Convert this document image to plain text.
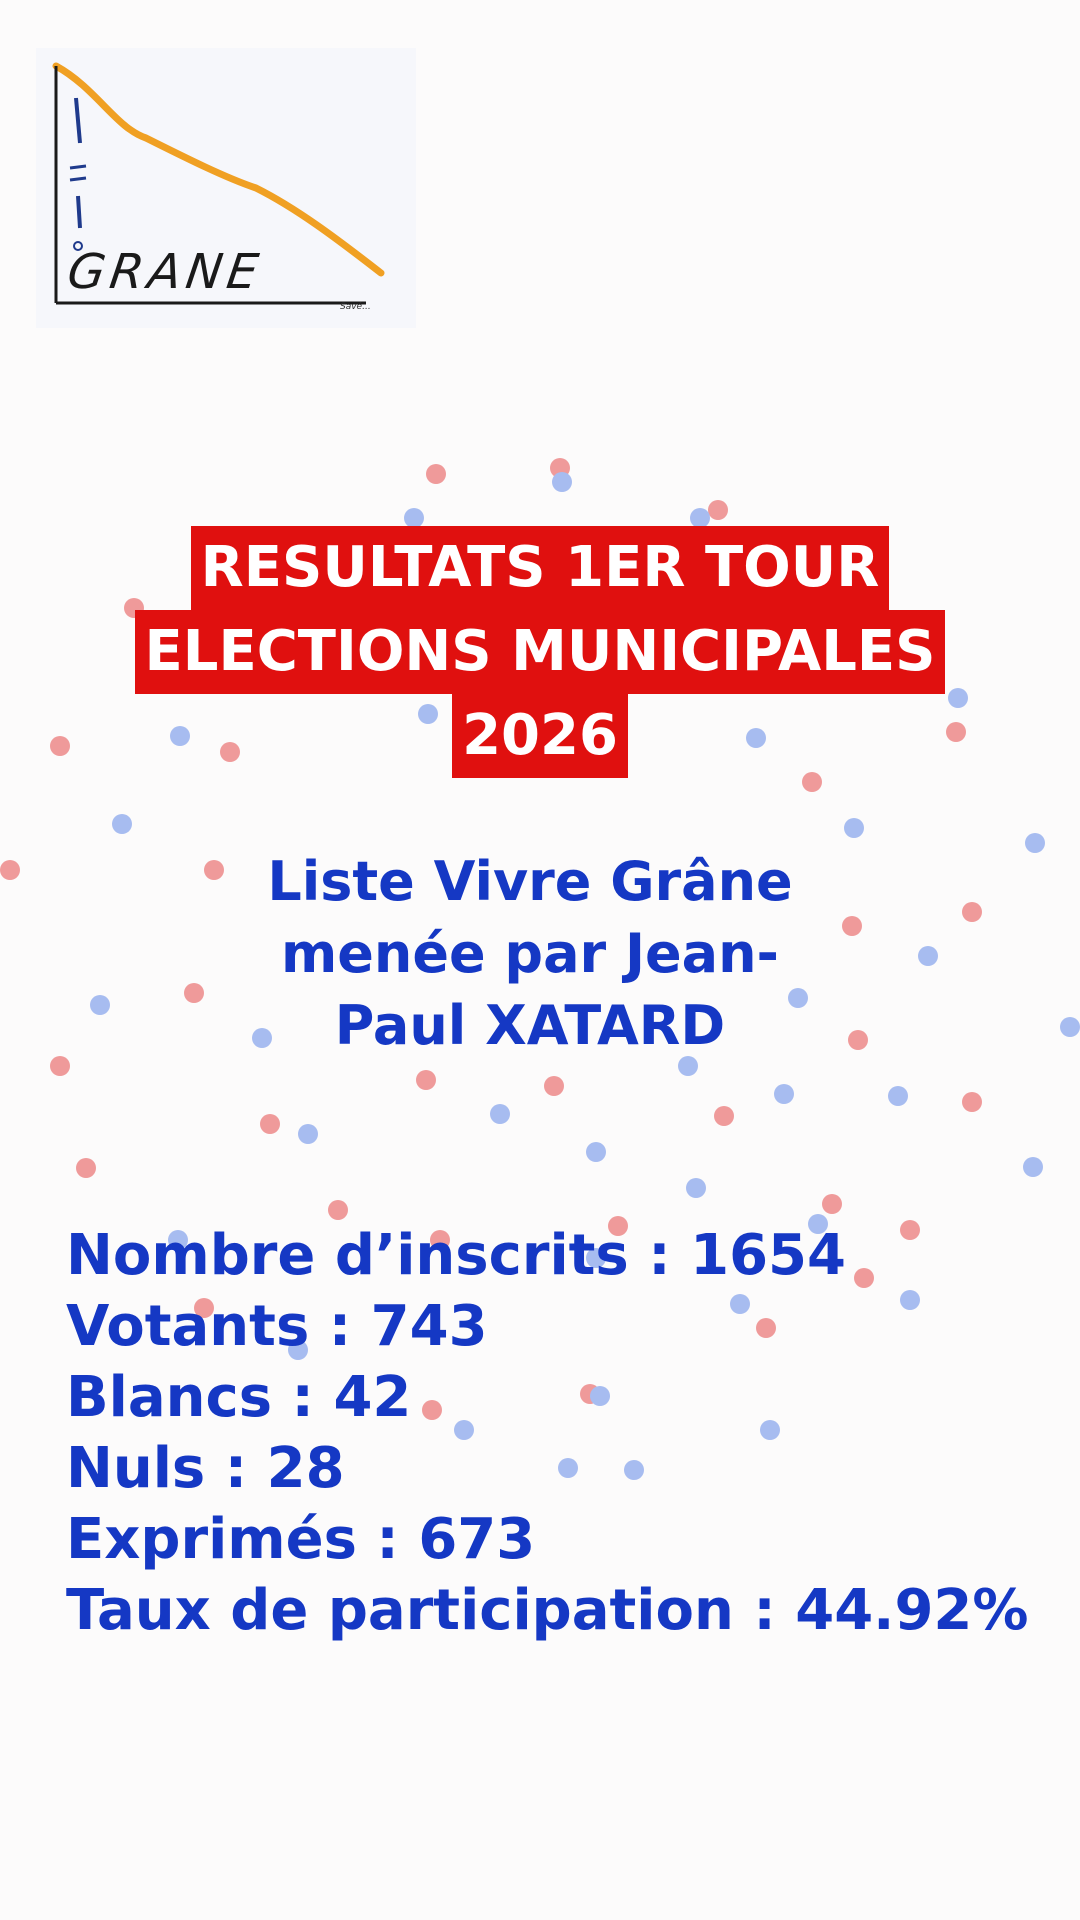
GRANE
Savé...
RESULTATS 1ER TOUR
ELECTIONS MUNICIPALES
2026
Liste Vivre Grâne
menée par Jean-
Paul XATARD
Nombre d’inscrits : 1654
Votants : 743
Blancs : 42
Nuls : 28
Exprimés : 673
Taux de participation : 44.92%
